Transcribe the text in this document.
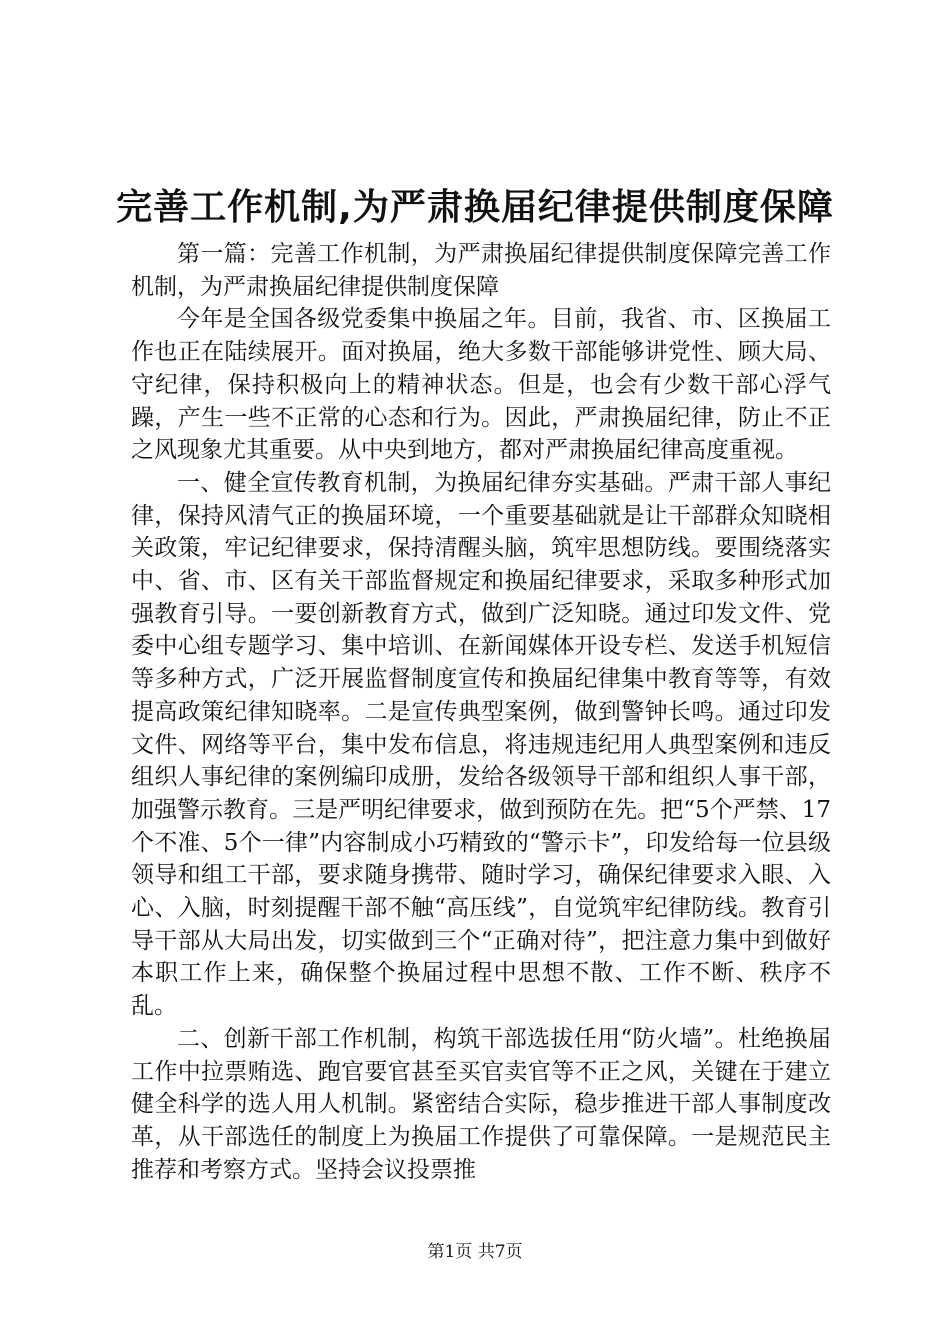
完善工作机制,为严肃换届纪律提供制度保障

第一篇：完善工作机制，为严肃换届纪律提供制度保障完善工作机制，为严肃换届纪律提供制度保障

今年是全国各级党委集中换届之年。目前，我省、市、区换届工作也正在陆续展开。面对换届，绝大多数干部能够讲党性、顾大局、守纪律，保持积极向上的精神状态。但是，也会有少数干部心浮气躁，产生一些不正常的心态和行为。因此，严肃换届纪律，防止不正之风现象尤其重要。从中央到地方，都对严肃换届纪律高度重视。

一、健全宣传教育机制，为换届纪律夯实基础。严肃干部人事纪律，保持风清气正的换届环境，一个重要基础就是让干部群众知晓相关政策，牢记纪律要求，保持清醒头脑，筑牢思想防线。要围绕落实中、省、市、区有关干部监督规定和换届纪律要求，采取多种形式加强教育引导。一要创新教育方式，做到广泛知晓。通过印发文件、党委中心组专题学习、集中培训、在新闻媒体开设专栏、发送手机短信等多种方式，广泛开展监督制度宣传和换届纪律集中教育等等，有效提高政策纪律知晓率。二是宣传典型案例，做到警钟长鸣。通过印发文件、网络等平台，集中发布信息，将违规违纪用人典型案例和违反组织人事纪律的案例编印成册，发给各级领导干部和组织人事干部，加强警示教育。三是严明纪律要求，做到预防在先。把“5个严禁、17个不准、5个一律”内容制成小巧精致的“警示卡”，印发给每一位县级领导和组工干部，要求随身携带、随时学习，确保纪律要求入眼、入心、入脑，时刻提醒干部不触“高压线”，自觉筑牢纪律防线。教育引导干部从大局出发，切实做到三个“正确对待”，把注意力集中到做好本职工作上来，确保整个换届过程中思想不散、工作不断、秩序不乱。

二、创新干部工作机制，构筑干部选拔任用“防火墙”。杜绝换届工作中拉票贿选、跑官要官甚至买官卖官等不正之风，关键在于建立健全科学的选人用人机制。紧密结合实际，稳步推进干部人事制度改革，从干部选任的制度上为换届工作提供了可靠保障。一是规范民主推荐和考察方式。坚持会议投票推

第1页 共7页
